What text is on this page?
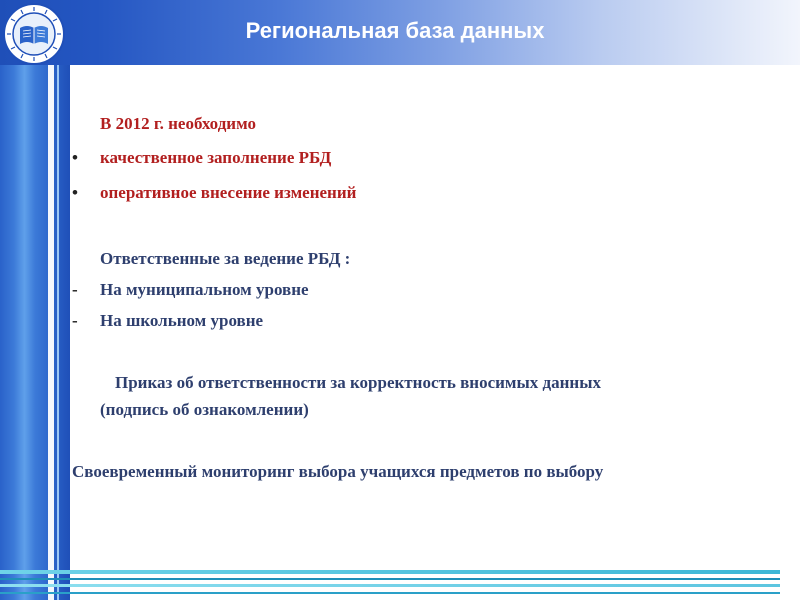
Региональная база данных
В 2012 г. необходимо
• качественное заполнение РБД
• оперативное внесение изменений
Ответственные за ведение РБД :
- На муниципальном уровне
- На школьном уровне
Приказ об ответственности за корректность вносимых данных
(подпись об ознакомлении)
Своевременный мониторинг выбора учащихся предметов по выбору
